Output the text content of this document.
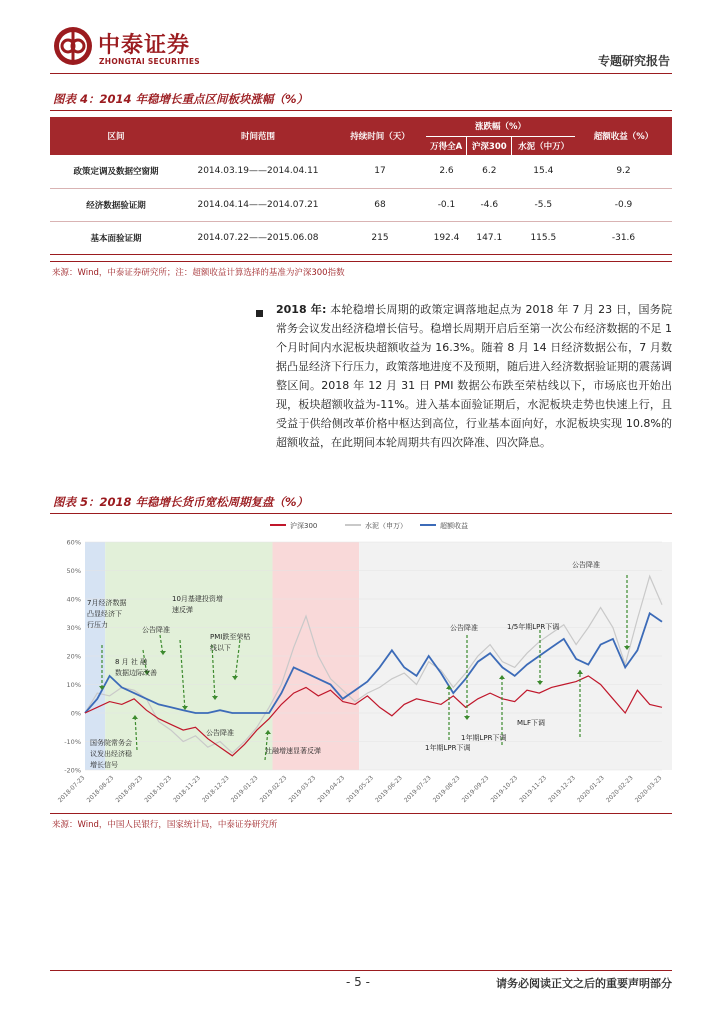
中泰证券
ZHONGTAI SECURITIES	专题研究报告
图表 4：2014 年稳增长重点区间板块涨幅（%）
区间	时间范围	持续时间（天）	涨跌幅（%）			超额收益（%）
			万得全A	沪深300	水泥（中万）	
政策定调及数据空窗期	2014.03.19——2014.04.11	17	2.6	6.2	15.4	9.2
经济数据验证期	2014.04.14——2014.07.21	68	-0.1	-4.6	-5.5	-0.9
基本面验证期	2014.07.22——2015.06.08	215	192.4	147.1	115.5	-31.6
来源：Wind，中泰证券研究所；注：超额收益计算选择的基准为沪深300指数
2018 年: 本轮稳增长周期的政策定调落地起点为 2018 年 7 月 23 日，国务院常务会议发出经济稳增长信号。稳增长周期开启后至第一次公布经济数据的不足 1 个月时间内水泥板块超额收益为 16.3%。随着 8 月 14 日经济数据公布，7 月数据凸显经济下行压力，政策落地进度不及预期，随后进入经济数据验证期的震荡调整区间。2018 年 12 月 31 日 PMI 数据公布跌至荣枯线以下，市场底也开始出现，板块超额收益为-11%。进入基本面验证期后，水泥板块走势也快速上行，且受益于供给侧改革价格中枢达到高位，行业基本面向好，水泥板块实现 10.8%的超额收益，在此期间本轮周期共有四次降准、四次降息。
图表 5：2018 年稳增长货币宽松周期复盘（%）
沪深300	水泥（申万）	超额收益
60%
50%
40%
30%
20%
10%
0%
-10%
-20%
2018-07-23 2018-08-23 2018-09-23 2018-10-23 2018-11-23 2018-12-23 2019-01-23 2019-02-23 2019-03-23 2019-04-23 2019-05-23 2019-06-23 2019-07-23 2019-08-23 2019-09-23 2019-10-23 2019-11-23 2019-12-23 2020-01-23 2020-02-23 2020-03-23
7月经济数据
凸显经济下
行压力
10月基建投资增
速反弹
公告降准
8 月 社 融
数据边际改善
PMI跌至荣枯
线以下
国务院常务会
议发出经济稳
增长信号
公告降准
社融增速显著反弹
公告降准	1/5年期LPR下调
公告降准
1年期LPR下调
1年期LPR下调
MLF下调
来源：Wind，中国人民银行，国家统计局，中泰证券研究所
- 5 -	请务必阅读正文之后的重要声明部分
